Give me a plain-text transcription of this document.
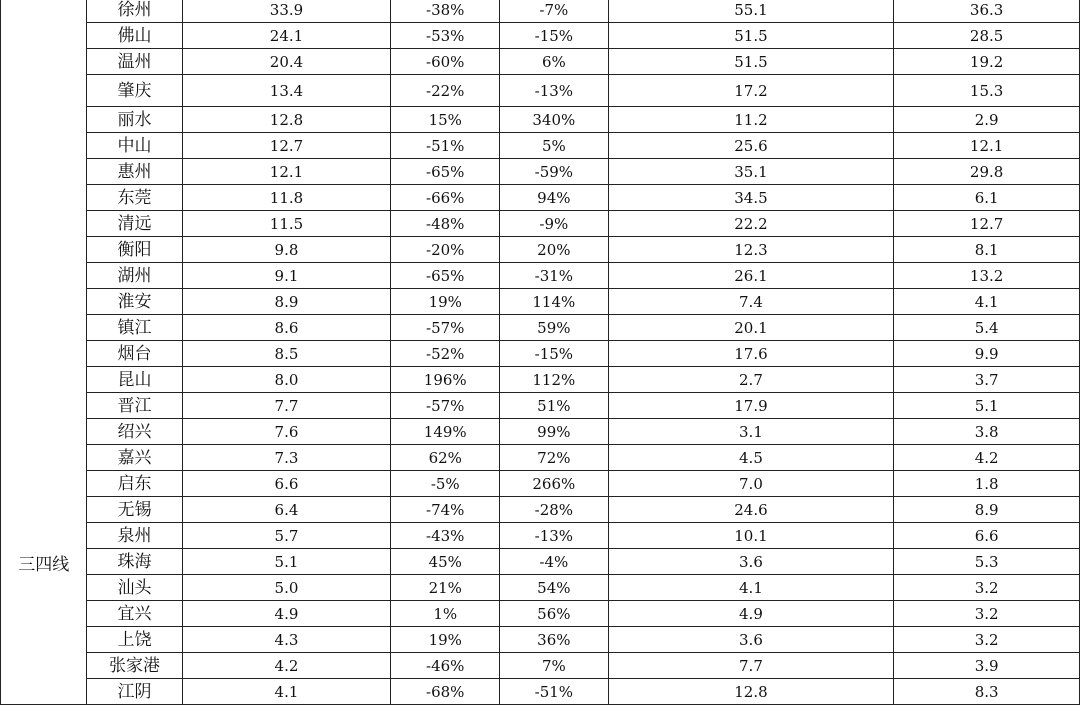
三四线	徐州	33.9	-38%	-7%	55.1	36.3
	佛山	24.1	-53%	-15%	51.5	28.5
	温州	20.4	-60%	6%	51.5	19.2
	肇庆	13.4	-22%	-13%	17.2	15.3
	丽水	12.8	15%	340%	11.2	2.9
	中山	12.7	-51%	5%	25.6	12.1
	惠州	12.1	-65%	-59%	35.1	29.8
	东莞	11.8	-66%	94%	34.5	6.1
	清远	11.5	-48%	-9%	22.2	12.7
	衡阳	9.8	-20%	20%	12.3	8.1
	湖州	9.1	-65%	-31%	26.1	13.2
	淮安	8.9	19%	114%	7.4	4.1
	镇江	8.6	-57%	59%	20.1	5.4
	烟台	8.5	-52%	-15%	17.6	9.9
	昆山	8.0	196%	112%	2.7	3.7
	晋江	7.7	-57%	51%	17.9	5.1
	绍兴	7.6	149%	99%	3.1	3.8
	嘉兴	7.3	62%	72%	4.5	4.2
	启东	6.6	-5%	266%	7.0	1.8
	无锡	6.4	-74%	-28%	24.6	8.9
	泉州	5.7	-43%	-13%	10.1	6.6
	珠海	5.1	45%	-4%	3.6	5.3
	汕头	5.0	21%	54%	4.1	3.2
	宜兴	4.9	1%	56%	4.9	3.2
	上饶	4.3	19%	36%	3.6	3.2
	张家港	4.2	-46%	7%	7.7	3.9
	江阴	4.1	-68%	-51%	12.8	8.3
